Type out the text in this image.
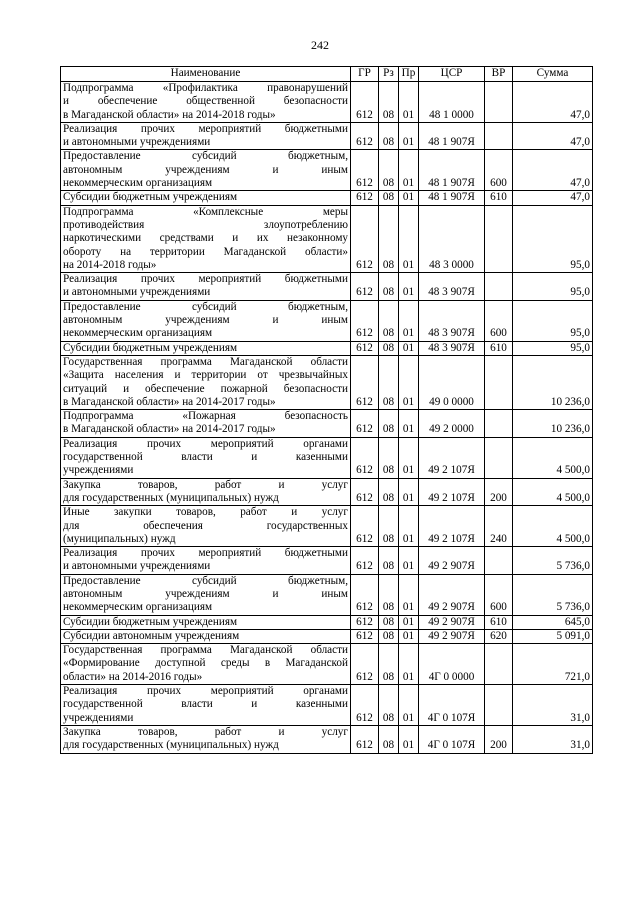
242
Наименование	ГР	Рз	Пр	ЦСР	ВР	Сумма

Подпрограмма «Профилактика правонарушений
и обеспечение общественной безопасности
в Магаданской области» на 2014-2018 годы»	612	08	01	48 1 0000		47,0

Реализация прочих мероприятий бюджетными
и автономными учреждениями	612	08	01	48 1 907Я		47,0

Предоставление субсидий бюджетным,
автономным учреждениям и иным
некоммерческим организациям	612	08	01	48 1 907Я	600	47,0

Субсидии бюджетным учреждениям	612	08	01	48 1 907Я	610	47,0

Подпрограмма «Комплексные меры
противодействия злоупотреблению
наркотическими средствами и их незаконному
обороту на территории Магаданской области»
на 2014-2018 годы»	612	08	01	48 3 0000		95,0

Реализация прочих мероприятий бюджетными
и автономными учреждениями	612	08	01	48 3 907Я		95,0

Предоставление субсидий бюджетным,
автономным учреждениям и иным
некоммерческим организациям	612	08	01	48 3 907Я	600	95,0

Субсидии бюджетным учреждениям	612	08	01	48 3 907Я	610	95,0

Государственная программа Магаданской области
«Защита населения и территории от чрезвычайных
ситуаций и обеспечение пожарной безопасности
в Магаданской области» на 2014-2017 годы»	612	08	01	49 0 0000		10 236,0

Подпрограмма «Пожарная безопасность
в Магаданской области» на 2014-2017 годы»	612	08	01	49 2 0000		10 236,0

Реализация прочих мероприятий органами
государственной власти и казенными
учреждениями	612	08	01	49 2 107Я		4 500,0

Закупка товаров, работ и услуг
для государственных (муниципальных) нужд	612	08	01	49 2 107Я	200	4 500,0

Иные закупки товаров, работ и услуг
для обеспечения государственных
(муниципальных) нужд	612	08	01	49 2 107Я	240	4 500,0

Реализация прочих мероприятий бюджетными
и автономными учреждениями	612	08	01	49 2 907Я		5 736,0

Предоставление субсидий бюджетным,
автономным учреждениям и иным
некоммерческим организациям	612	08	01	49 2 907Я	600	5 736,0

Субсидии бюджетным учреждениям	612	08	01	49 2 907Я	610	645,0

Субсидии автономным учреждениям	612	08	01	49 2 907Я	620	5 091,0

Государственная программа Магаданской области
«Формирование доступной среды в Магаданской
области» на 2014-2016 годы»	612	08	01	4Г 0 0000		721,0

Реализация прочих мероприятий органами
государственной власти и казенными
учреждениями	612	08	01	4Г 0 107Я		31,0

Закупка товаров, работ и услуг
для государственных (муниципальных) нужд	612	08	01	4Г 0 107Я	200	31,0
